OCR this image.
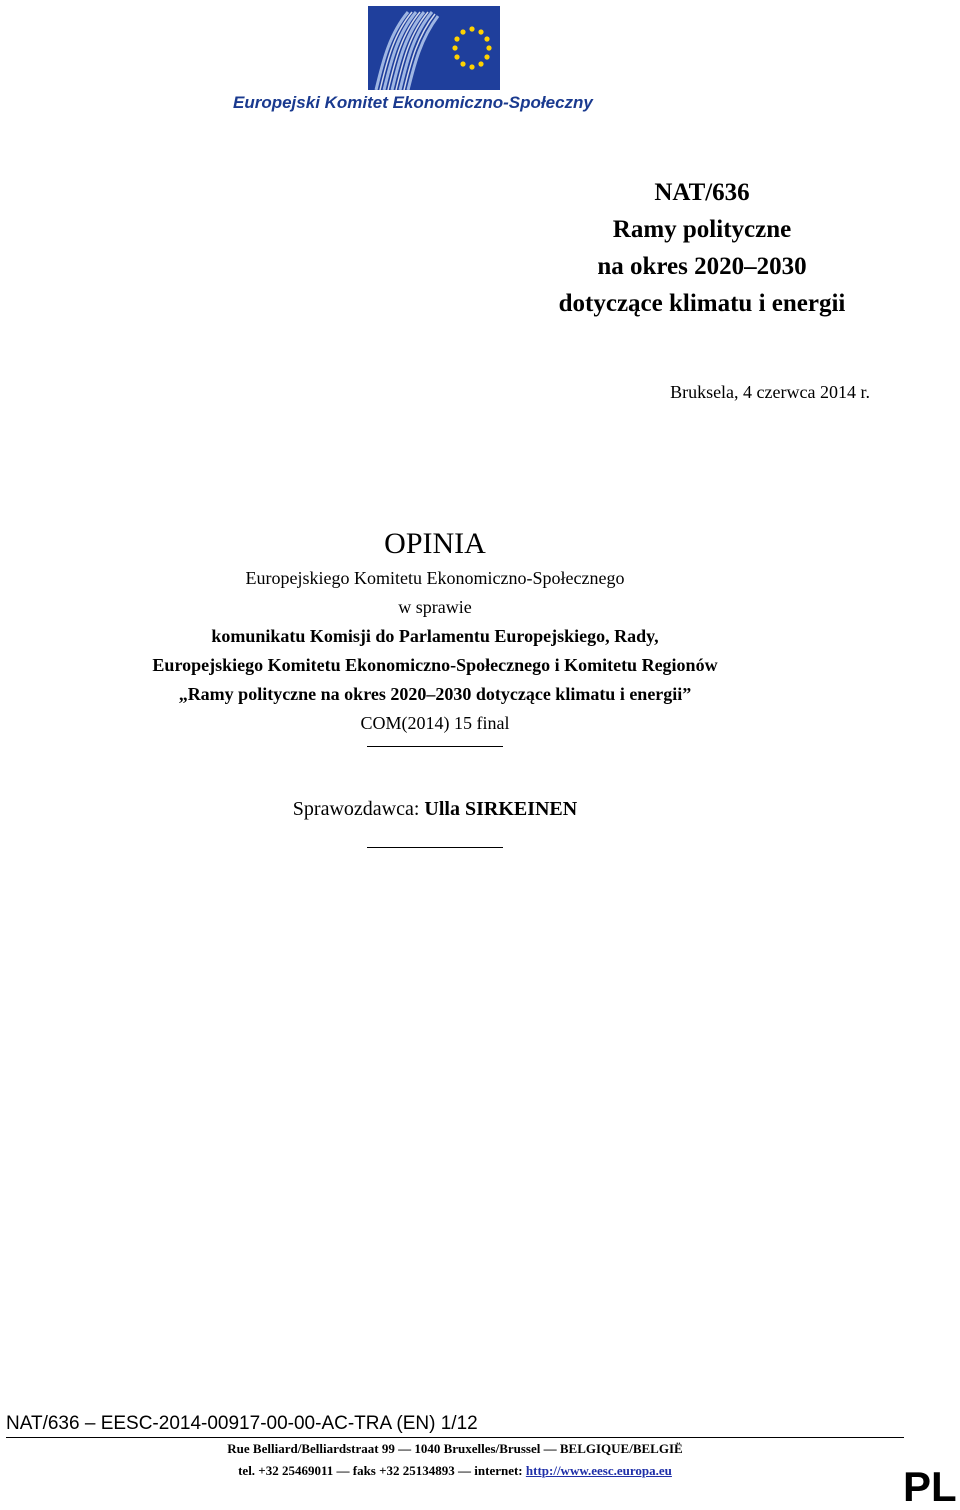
Europejski Komitet Ekonomiczno-Społeczny
NAT/636
Ramy polityczne
na okres 2020–2030
dotyczące klimatu i energii
Bruksela, 4 czerwca 2014 r.
OPINIA
Europejskiego Komitetu Ekonomiczno-Społecznego
w sprawie
komunikatu Komisji do Parlamentu Europejskiego, Rady,
Europejskiego Komitetu Ekonomiczno-Społecznego i Komitetu Regionów
„Ramy polityczne na okres 2020–2030 dotyczące klimatu i energii”
COM(2014) 15 final
Sprawozdawca: Ulla SIRKEINEN
NAT/636 – EESC-2014-00917-00-00-AC-TRA (EN) 1/12
Rue Belliard/Belliardstraat 99 — 1040 Bruxelles/Brussel — BELGIQUE/BELGIË
tel. +32 25469011 — faks +32 25134893 — internet: http://www.eesc.europa.eu	PL
